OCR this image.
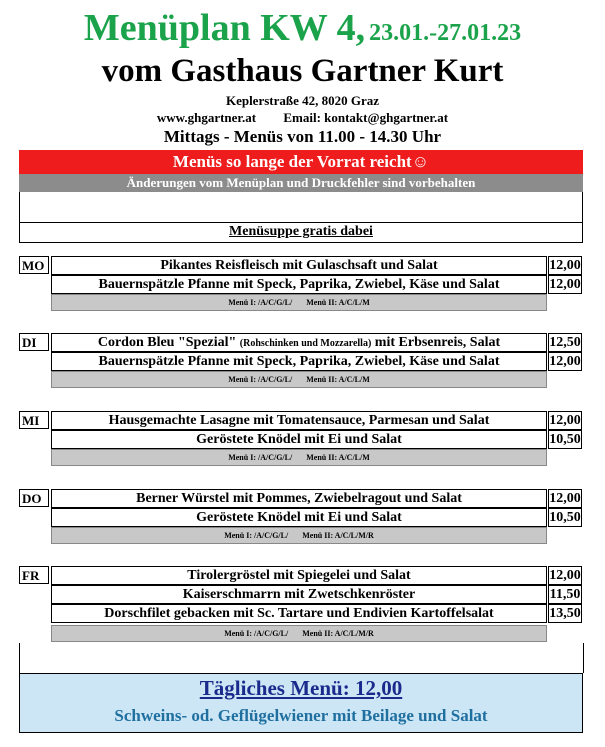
Menüplan KW 4, 23.01.-27.01.23
vom Gasthaus Gartner Kurt
Keplerstraße 42, 8020 Graz
www.ghgartner.at Email: kontakt@ghgartner.at
Mittags - Menüs von 11.00 - 14.30 Uhr
Menüs so lange der Vorrat reicht☺
Änderungen vom Menüplan und Druckfehler sind vorbehalten
Menüsuppe gratis dabei
MO	Pikantes Reisfleisch mit Gulaschsaft und Salat	12,00
Bauernspätzle Pfanne mit Speck, Paprika, Zwiebel, Käse und Salat	12,00
Menü I: /A/C/G/L/ Menü II: A/C/L/M
DI	Cordon Bleu "Spezial" (Rohschinken und Mozzarella) mit Erbsenreis, Salat	12,50
Bauernspätzle Pfanne mit Speck, Paprika, Zwiebel, Käse und Salat	12,00
Menü I: /A/C/G/L/ Menü II: A/C/L/M
MI	Hausgemachte Lasagne mit Tomatensauce, Parmesan und Salat	12,00
Geröstete Knödel mit Ei und Salat	10,50
Menü I: /A/C/G/L/ Menü II: A/C/L/M
DO	Berner Würstel mit Pommes, Zwiebelragout und Salat	12,00
Geröstete Knödel mit Ei und Salat	10,50
Menü I: /A/C/G/L/ Menü II: A/C/L/M/R
FR	Tirolergröstel mit Spiegelei und Salat	12,00
Kaiserschmarrn mit Zwetschkenröster	11,50
Dorschfilet gebacken mit Sc. Tartare und Endivien Kartoffelsalat	13,50
Menü I: /A/C/G/L/ Menü II: A/C/L/M/R
Tägliches Menü: 12,00
Schweins- od. Geflügelwiener mit Beilage und Salat
